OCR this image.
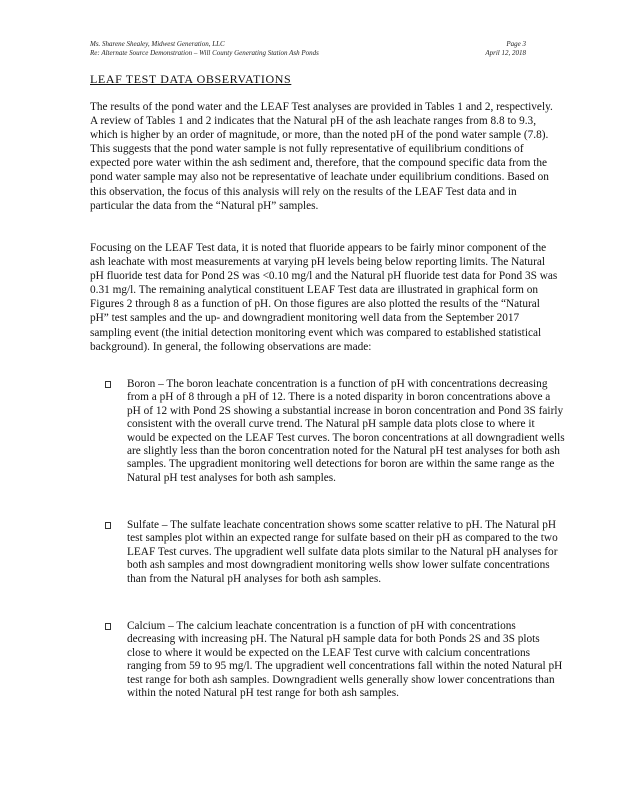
Ms. Sharene Shealey, Midwest Generation, LLC	Page 3
Re: Alternate Source Demonstration – Will County Generating Station Ash Ponds	April 12, 2018
LEAF TEST DATA OBSERVATIONS

The results of the pond water and the LEAF Test analyses are provided in Tables 1 and 2, respectively. A review of Tables 1 and 2 indicates that the Natural pH of the ash leachate ranges from 8.8 to 9.3, which is higher by an order of magnitude, or more, than the noted pH of the pond water sample (7.8). This suggests that the pond water sample is not fully representative of equilibrium conditions of expected pore water within the ash sediment and, therefore, that the compound specific data from the pond water sample may also not be representative of leachate under equilibrium conditions. Based on this observation, the focus of this analysis will rely on the results of the LEAF Test data and in particular the data from the “Natural pH” samples.

Focusing on the LEAF Test data, it is noted that fluoride appears to be fairly minor component of the ash leachate with most measurements at varying pH levels being below reporting limits. The Natural pH fluoride test data for Pond 2S was <0.10 mg/l and the Natural pH fluoride test data for Pond 3S was 0.31 mg/l. The remaining analytical constituent LEAF Test data are illustrated in graphical form on Figures 2 through 8 as a function of pH. On those figures are also plotted the results of the “Natural pH” test samples and the up- and downgradient monitoring well data from the September 2017 sampling event (the initial detection monitoring event which was compared to established statistical background). In general, the following observations are made:

Boron – The boron leachate concentration is a function of pH with concentrations decreasing from a pH of 8 through a pH of 12. There is a noted disparity in boron concentrations above a pH of 12 with Pond 2S showing a substantial increase in boron concentration and Pond 3S fairly consistent with the overall curve trend. The Natural pH sample data plots close to where it would be expected on the LEAF Test curves. The boron concentrations at all downgradient wells are slightly less than the boron concentration noted for the Natural pH test analyses for both ash samples. The upgradient monitoring well detections for boron are within the same range as the Natural pH test analyses for both ash samples.

Sulfate – The sulfate leachate concentration shows some scatter relative to pH. The Natural pH test samples plot within an expected range for sulfate based on their pH as compared to the two LEAF Test curves. The upgradient well sulfate data plots similar to the Natural pH analyses for both ash samples and most downgradient monitoring wells show lower sulfate concentrations than from the Natural pH analyses for both ash samples.

Calcium – The calcium leachate concentration is a function of pH with concentrations decreasing with increasing pH. The Natural pH sample data for both Ponds 2S and 3S plots close to where it would be expected on the LEAF Test curve with calcium concentrations ranging from 59 to 95 mg/l. The upgradient well concentrations fall within the noted Natural pH test range for both ash samples. Downgradient wells generally show lower concentrations than within the noted Natural pH test range for both ash samples.
